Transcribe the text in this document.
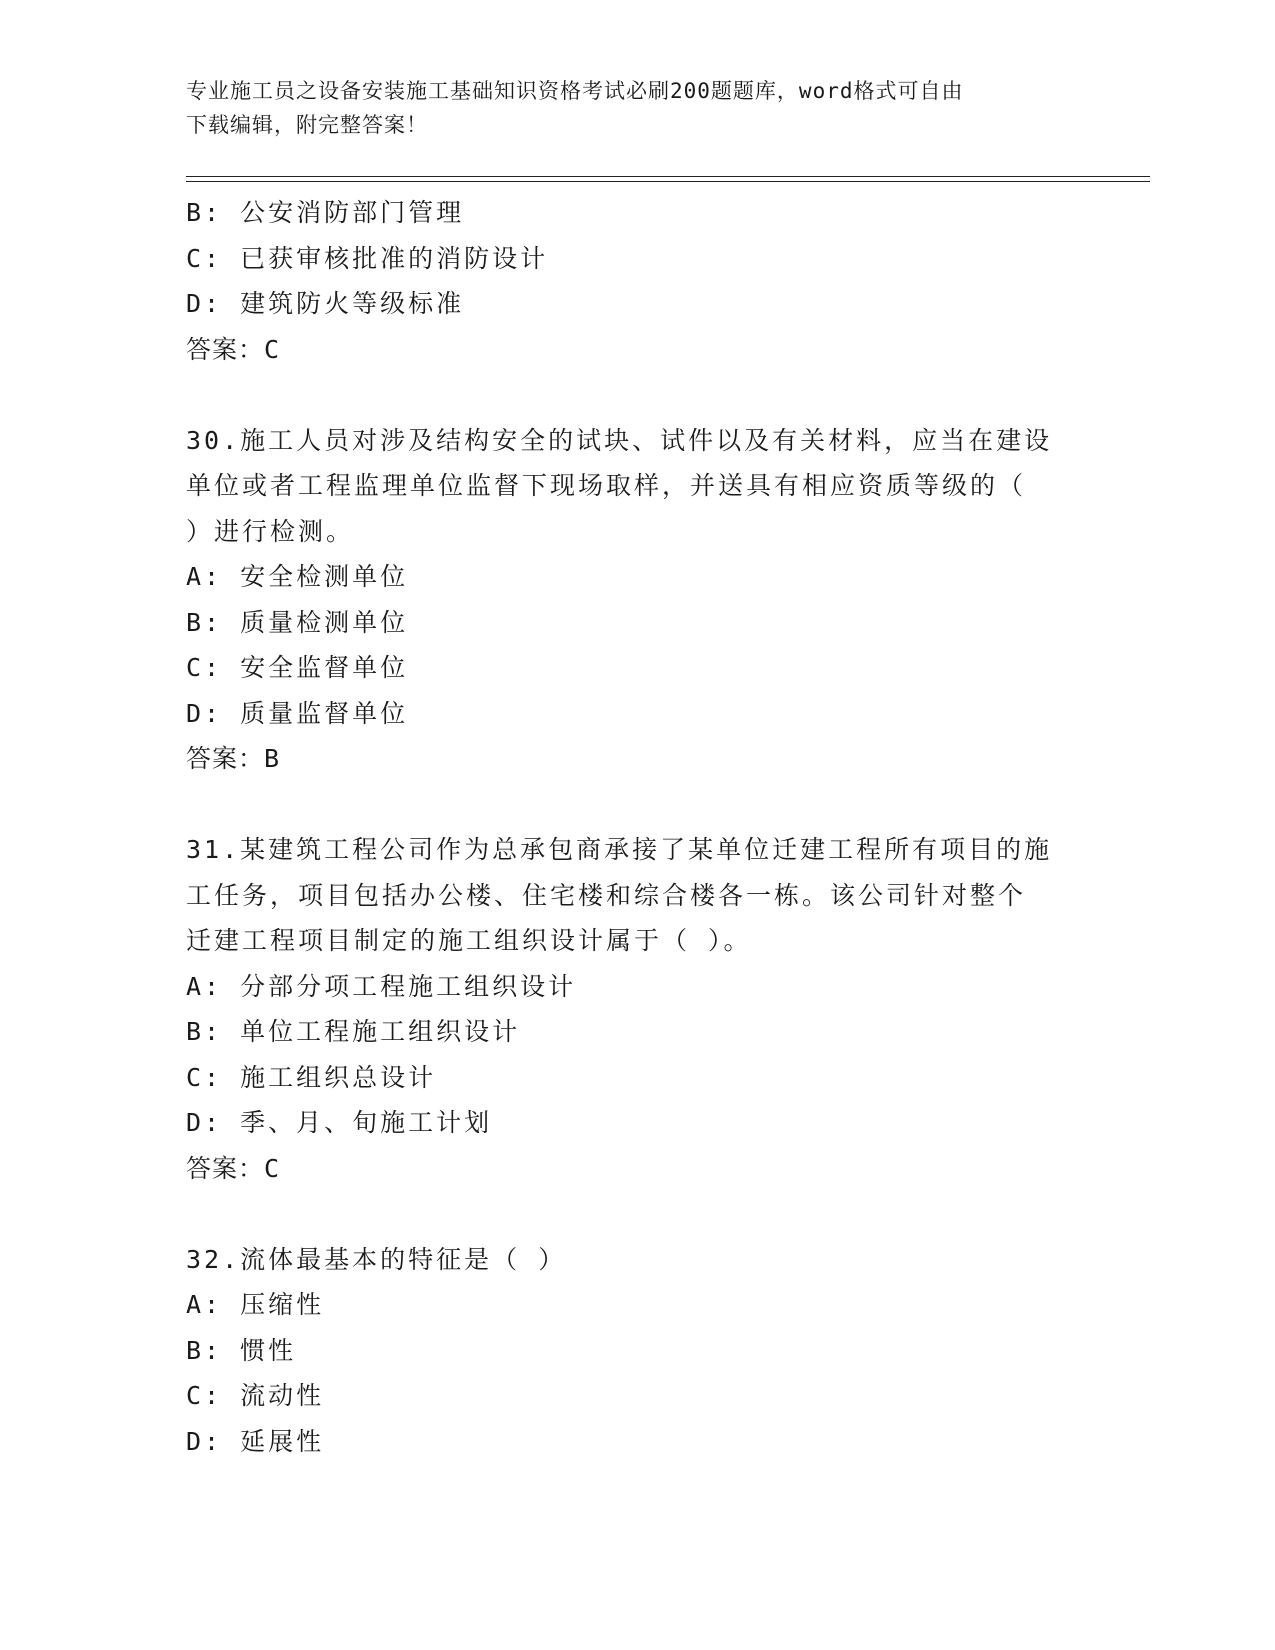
专业施工员之设备安装施工基础知识资格考试必刷200题题库，word格式可自由
下载编辑，附完整答案！
B: 公安消防部门管理
C: 已获审核批准的消防设计
D: 建筑防火等级标准
答案：C
30.施工人员对涉及结构安全的试块、试件以及有关材料，应当在建设
单位或者工程监理单位监督下现场取样，并送具有相应资质等级的（
）进行检测。
A: 安全检测单位
B: 质量检测单位
C: 安全监督单位
D: 质量监督单位
答案：B
31.某建筑工程公司作为总承包商承接了某单位迁建工程所有项目的施
工任务，项目包括办公楼、住宅楼和综合楼各一栋。该公司针对整个
迁建工程项目制定的施工组织设计属于（ ）。
A: 分部分项工程施工组织设计
B: 单位工程施工组织设计
C: 施工组织总设计
D: 季、月、旬施工计划
答案：C
32.流体最基本的特征是（ ）
A: 压缩性
B: 惯性
C: 流动性
D: 延展性
